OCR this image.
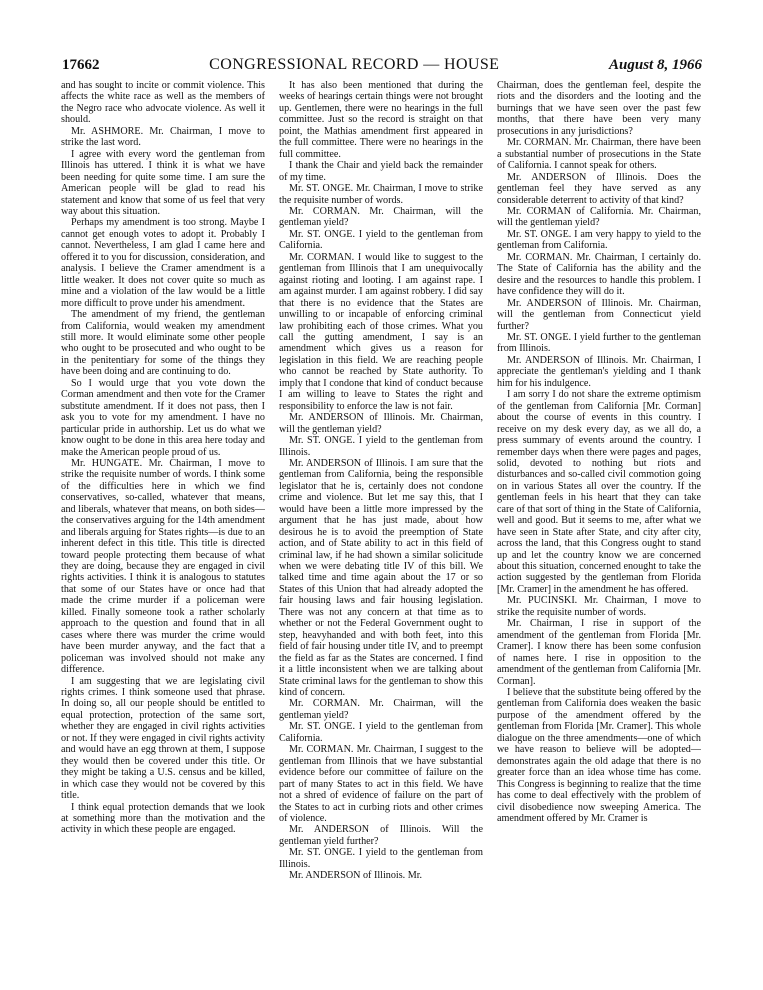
17662	CONGRESSIONAL RECORD — HOUSE	August 8, 1966

and has sought to incite or commit violence. This affects the white race as well as the members of the Negro race who advocate violence. As well it should.

Mr. ASHMORE. Mr. Chairman, I move to strike the last word.

I agree with every word the gentleman from Illinois has uttered. I think it is what we have been needing for quite some time. I am sure the American people will be glad to read his statement and know that some of us feel that very way about this situation.

Perhaps my amendment is too strong. Maybe I cannot get enough votes to adopt it. Probably I cannot. Nevertheless, I am glad I came here and offered it to you for discussion, consideration, and analysis. I believe the Cramer amendment is a little weaker. It does not cover quite so much as mine and a violation of the law would be a little more difficult to prove under his amendment.

The amendment of my friend, the gentleman from California, would weaken my amendment still more. It would eliminate some other people who ought to be prosecuted and who ought to be in the penitentiary for some of the things they have been doing and are continuing to do.

So I would urge that you vote down the Corman amendment and then vote for the Cramer substitute amendment. If it does not pass, then I ask you to vote for my amendment. I have no particular pride in authorship. Let us do what we know ought to be done in this area here today and make the American people proud of us.

Mr. HUNGATE. Mr. Chairman, I move to strike the requisite number of words. I think some of the difficulties here in which we find conservatives, so-called, whatever that means, and liberals, whatever that means, on both sides—the conservatives arguing for the 14th amendment and liberals arguing for States rights—is due to an inherent defect in this title. This title is directed toward people protecting them because of what they are doing, because they are engaged in civil rights activities. I think it is analogous to statutes that some of our States have or once had that made the crime murder if a policeman were killed. Finally someone took a rather scholarly approach to the question and found that in all cases where there was murder the crime would have been murder anyway, and the fact that a policeman was involved should not make any difference.

I am suggesting that we are legislating civil rights crimes. I think someone used that phrase. In doing so, all our people should be entitled to equal protection, protection of the same sort, whether they are engaged in civil rights activities or not. If they were engaged in civil rights activity and would have an egg thrown at them, I suppose they would then be covered under this title. Or they might be taking a U.S. census and be killed, in which case they would not be covered by this title.

I think equal protection demands that we look at something more than the motivation and the activity in which these people are engaged.

It has also been mentioned that during the weeks of hearings certain things were not brought up. Gentlemen, there were no hearings in the full committee. Just so the record is straight on that point, the Mathias amendment first appeared in the full committee. There were no hearings in the full committee.

I thank the Chair and yield back the remainder of my time.

Mr. ST. ONGE. Mr. Chairman, I move to strike the requisite number of words.

Mr. CORMAN. Mr. Chairman, will the gentleman yield?

Mr. ST. ONGE. I yield to the gentleman from California.

Mr. CORMAN. I would like to suggest to the gentleman from Illinois that I am unequivocally against rioting and looting. I am against rape. I am against murder. I am against robbery. I did say that there is no evidence that the States are unwilling to or incapable of enforcing criminal law prohibiting each of those crimes. What you call the gutting amendment, I say is an amendment which gives us a reason for legislation in this field. We are reaching people who cannot be reached by State authority. To imply that I condone that kind of conduct because I am willing to leave to States the right and responsibility to enforce the law is not fair.

Mr. ANDERSON of Illinois. Mr. Chairman, will the gentleman yield?

Mr. ST. ONGE. I yield to the gentleman from Illinois.

Mr. ANDERSON of Illinois. I am sure that the gentleman from California, being the responsible legislator that he is, certainly does not condone crime and violence. But let me say this, that I would have been a little more impressed by the argument that he has just made, about how desirous he is to avoid the preemption of State action, and of State ability to act in this field of criminal law, if he had shown a similar solicitude when we were debating title IV of this bill. We talked time and time again about the 17 or so States of this Union that had already adopted the fair housing laws and fair housing legislation. There was not any concern at that time as to whether or not the Federal Government ought to step, heavyhanded and with both feet, into this field of fair housing under title IV, and to preempt the field as far as the States are concerned. I find it a little inconsistent when we are talking about State criminal laws for the gentleman to show this kind of concern.

Mr. CORMAN. Mr. Chairman, will the gentleman yield?

Mr. ST. ONGE. I yield to the gentleman from California.

Mr. CORMAN. Mr. Chairman, I suggest to the gentleman from Illinois that we have substantial evidence before our committee of failure on the part of many States to act in this field. We have not a shred of evidence of failure on the part of the States to act in curbing riots and other crimes of violence.

Mr. ANDERSON of Illinois. Will the gentleman yield further?

Mr. ST. ONGE. I yield to the gentleman from Illinois.

Mr. ANDERSON of Illinois. Mr.

Chairman, does the gentleman feel, despite the riots and the disorders and the looting and the burnings that we have seen over the past few months, that there have been very many prosecutions in any jurisdictions?

Mr. CORMAN. Mr. Chairman, there have been a substantial number of prosecutions in the State of California. I cannot speak for others.

Mr. ANDERSON of Illinois. Does the gentleman feel they have served as any considerable deterrent to activity of that kind?

Mr. CORMAN of California. Mr. Chairman, will the gentleman yield?

Mr. ST. ONGE. I am very happy to yield to the gentleman from California.

Mr. CORMAN. Mr. Chairman, I certainly do. The State of California has the ability and the desire and the resources to handle this problem. I have confidence they will do it.

Mr. ANDERSON of Illinois. Mr. Chairman, will the gentleman from Connecticut yield further?

Mr. ST. ONGE. I yield further to the gentleman from Illinois.

Mr. ANDERSON of Illinois. Mr. Chairman, I appreciate the gentleman's yielding and I thank him for his indulgence.

I am sorry I do not share the extreme optimism of the gentleman from California [Mr. Corman] about the course of events in this country. I receive on my desk every day, as we all do, a press summary of events around the country. I remember days when there were pages and pages, solid, devoted to nothing but riots and disturbances and so-called civil commotion going on in various States all over the country. If the gentleman feels in his heart that they can take care of that sort of thing in the State of California, well and good. But it seems to me, after what we have seen in State after State, and city after city, across the land, that this Congress ought to stand up and let the country know we are concerned about this situation, concerned enought to take the action suggested by the gentleman from Florida [Mr. Cramer] in the amendment he has offered.

Mr. PUCINSKI. Mr. Chairman, I move to strike the requisite number of words.

Mr. Chairman, I rise in support of the amendment of the gentleman from Florida [Mr. Cramer]. I know there has been some confusion of names here. I rise in opposition to the amendment of the gentleman from California [Mr. Corman].

I believe that the substitute being offered by the gentleman from California does weaken the basic purpose of the amendment offered by the gentleman from Florida [Mr. Cramer]. This whole dialogue on the three amendments—one of which we have reason to believe will be adopted—demonstrates again the old adage that there is no greater force than an idea whose time has come. This Congress is beginning to realize that the time has come to deal effectively with the problem of civil disobedience now sweeping America. The amendment offered by Mr. Cramer is
